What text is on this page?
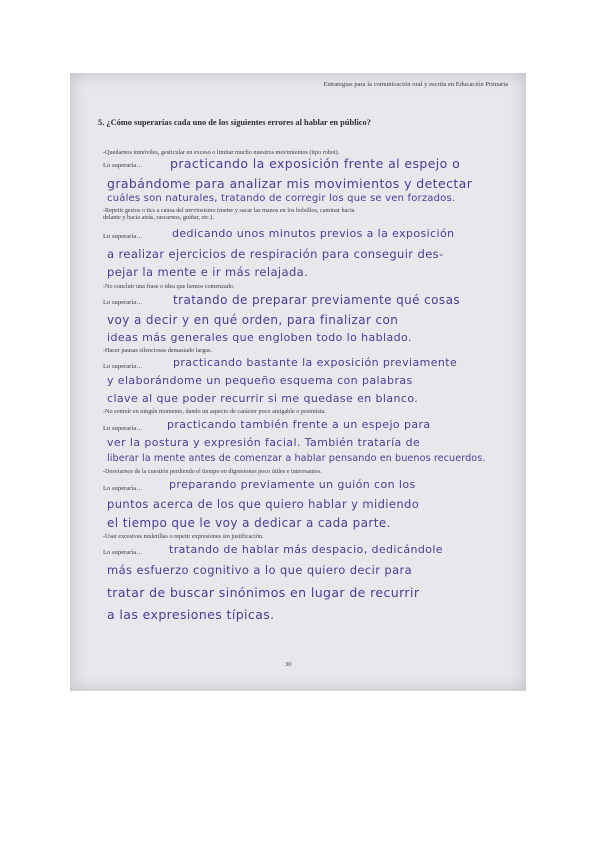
Estrategias para la comunicación oral y escrita en Educación Primaria
5. ¿Cómo superarías cada uno de los siguientes errores al hablar en público?
-Quedarnos inmóviles, gesticular en exceso o limitar mucho nuestros movimientos (tipo robot).
Lo superaría… practicando la exposición frente al espejo o
grabándome para analizar mis movimientos y detectar
cuáles son naturales, tratando de corregir los que se ven forzados.
-Repetir gestos o tics a causa del nerviosismo (meter y sacar las manos en los bolsillos, caminar hacia
delante y hacia atrás, rascarnos, guiñar, etc.).
Lo superaría…	dedicando unos minutos previos a la exposición
a realizar ejercicios de respiración para conseguir des-
pejar la mente e ir más relajada.
-No concluir una frase o idea que hemos comenzado.
Lo superaría…	tratando de preparar previamente qué cosas
voy a decir y en qué orden, para finalizar con
ideas más generales que engloben todo lo hablado.
-Hacer pausas silenciosas demasiado largas.
Lo superaría…	practicando bastante la exposición previamente
y elaborándome un pequeño esquema con palabras
clave al que poder recurrir si me quedase en blanco.
-No sonreír en ningún momento, dando un aspecto de carácter poco amigable o pesimista.
Lo superaría… practicando también frente a un espejo para
ver la postura y expresión facial. También trataría de
liberar la mente antes de comenzar a hablar pensando en buenos recuerdos.
-Desviarnos de la cuestión perdiendo el tiempo en digresiones poco útiles e interesantes.
Lo superaría… preparando previamente un guión con los
puntos acerca de los que quiero hablar y midiendo
el tiempo que le voy a dedicar a cada parte.
-Usar excesivas muletillas o repetir expresiones sin justificación.
Lo superaría… tratando de hablar más despacio, dedicándole
más esfuerzo cognitivo a lo que quiero decir para
tratar de buscar sinónimos en lugar de recurrir
a las expresiones típicas.
30
